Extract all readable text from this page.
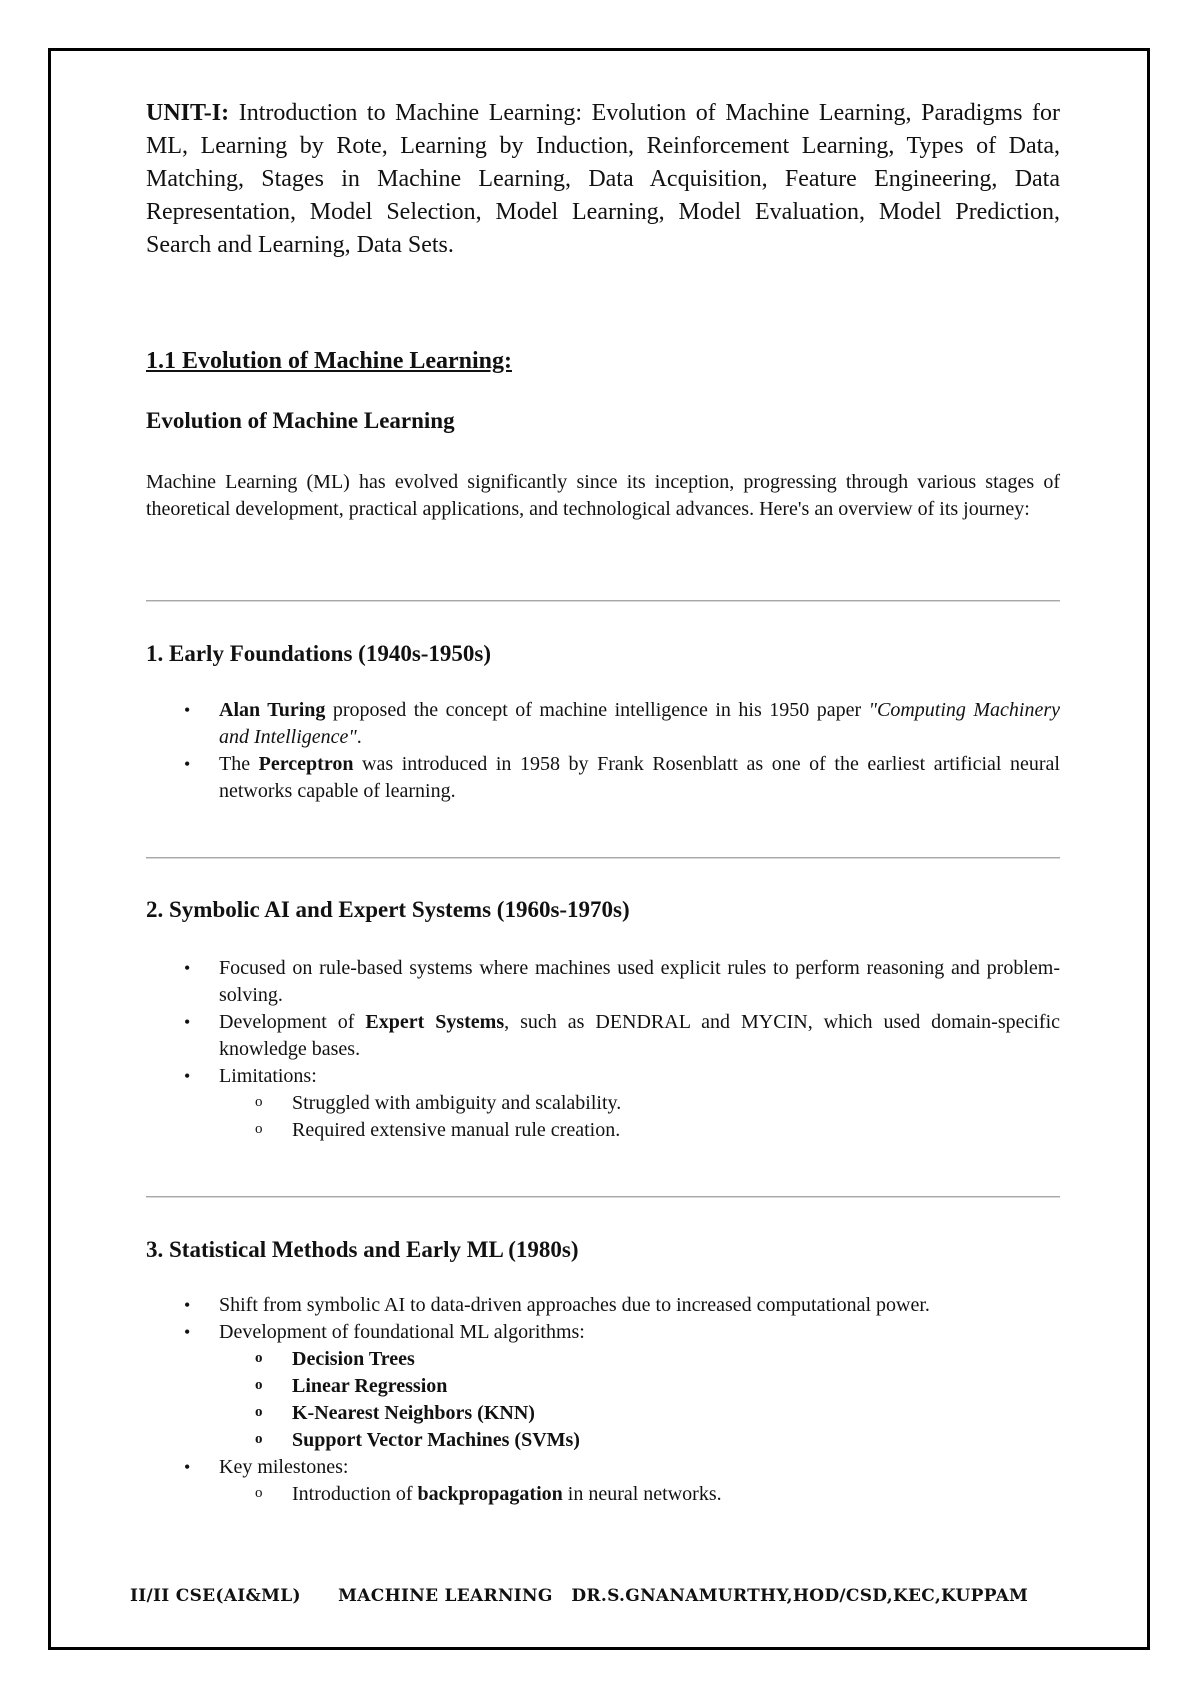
UNIT-I: Introduction to Machine Learning: Evolution of Machine Learning, Paradigms for ML, Learning by Rote, Learning by Induction, Reinforcement Learning, Types of Data, Matching, Stages in Machine Learning, Data Acquisition, Feature Engineering, Data Representation, Model Selection, Model Learning, Model Evaluation, Model Prediction, Search and Learning, Data Sets.
1.1 Evolution of Machine Learning:
Evolution of Machine Learning
Machine Learning (ML) has evolved significantly since its inception, progressing through various stages of theoretical development, practical applications, and technological advances. Here's an overview of its journey:
1. Early Foundations (1940s-1950s)
• Alan Turing proposed the concept of machine intelligence in his 1950 paper "Computing Machinery and Intelligence".
• The Perceptron was introduced in 1958 by Frank Rosenblatt as one of the earliest artificial neural networks capable of learning.
2. Symbolic AI and Expert Systems (1960s-1970s)
• Focused on rule-based systems where machines used explicit rules to perform reasoning and problem-solving.
• Development of Expert Systems, such as DENDRAL and MYCIN, which used domain-specific knowledge bases.
• Limitations:
o Struggled with ambiguity and scalability.
o Required extensive manual rule creation.
3. Statistical Methods and Early ML (1980s)
• Shift from symbolic AI to data-driven approaches due to increased computational power.
• Development of foundational ML algorithms:
o Decision Trees
o Linear Regression
o K-Nearest Neighbors (KNN)
o Support Vector Machines (SVMs)
• Key milestones:
o Introduction of backpropagation in neural networks.
II/II CSE(AI&ML) MACHINE LEARNING DR.S.GNANAMURTHY,HOD/CSD,KEC,KUPPAM
